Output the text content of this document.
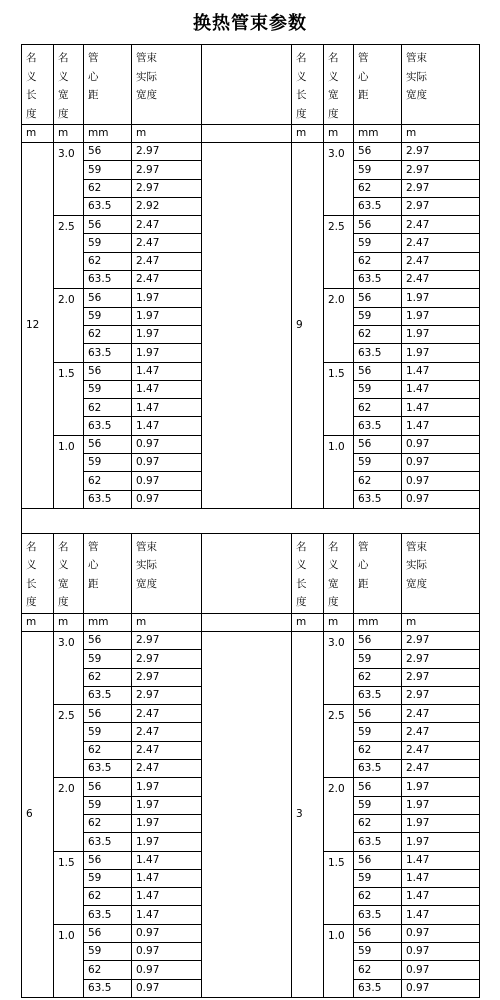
换热管束参数
名
义
长
度	名
义
宽
度	管
心
距	管束
实际
宽度		名
义
长
度	名
义
宽
度	管
心
距	管束
实际
宽度

m	m	mm	m		m	m	mm	m
12	3.0	56	2.97		9	3.0	56	2.97
		59	2.97				59	2.97
		62	2.97				62	2.97
		63.5	2.92				63.5	2.97
	2.5	56	2.47			2.5	56	2.47
		59	2.47				59	2.47
		62	2.47				62	2.47
		63.5	2.47				63.5	2.47
	2.0	56	1.97			2.0	56	1.97
		59	1.97				59	1.97
		62	1.97				62	1.97
		63.5	1.97				63.5	1.97
	1.5	56	1.47			1.5	56	1.47
		59	1.47				59	1.47
		62	1.47				62	1.47
		63.5	1.47				63.5	1.47
	1.0	56	0.97			1.0	56	0.97
		59	0.97				59	0.97
		62	0.97				62	0.97
		63.5	0.97				63.5	0.97

名
义
长
度	名
义
宽
度	管
心
距	管束
实际
宽度		名
义
长
度	名
义
宽
度	管
心
距	管束
实际
宽度

m	m	mm	m		m	m	mm	m
6	3.0	56	2.97		3	3.0	56	2.97
		59	2.97				59	2.97
		62	2.97				62	2.97
		63.5	2.97				63.5	2.97
	2.5	56	2.47			2.5	56	2.47
		59	2.47				59	2.47
		62	2.47				62	2.47
		63.5	2.47				63.5	2.47
	2.0	56	1.97			2.0	56	1.97
		59	1.97				59	1.97
		62	1.97				62	1.97
		63.5	1.97				63.5	1.97
	1.5	56	1.47			1.5	56	1.47
		59	1.47				59	1.47
		62	1.47				62	1.47
		63.5	1.47				63.5	1.47
	1.0	56	0.97			1.0	56	0.97
		59	0.97				59	0.97
		62	0.97				62	0.97
		63.5	0.97				63.5	0.97
